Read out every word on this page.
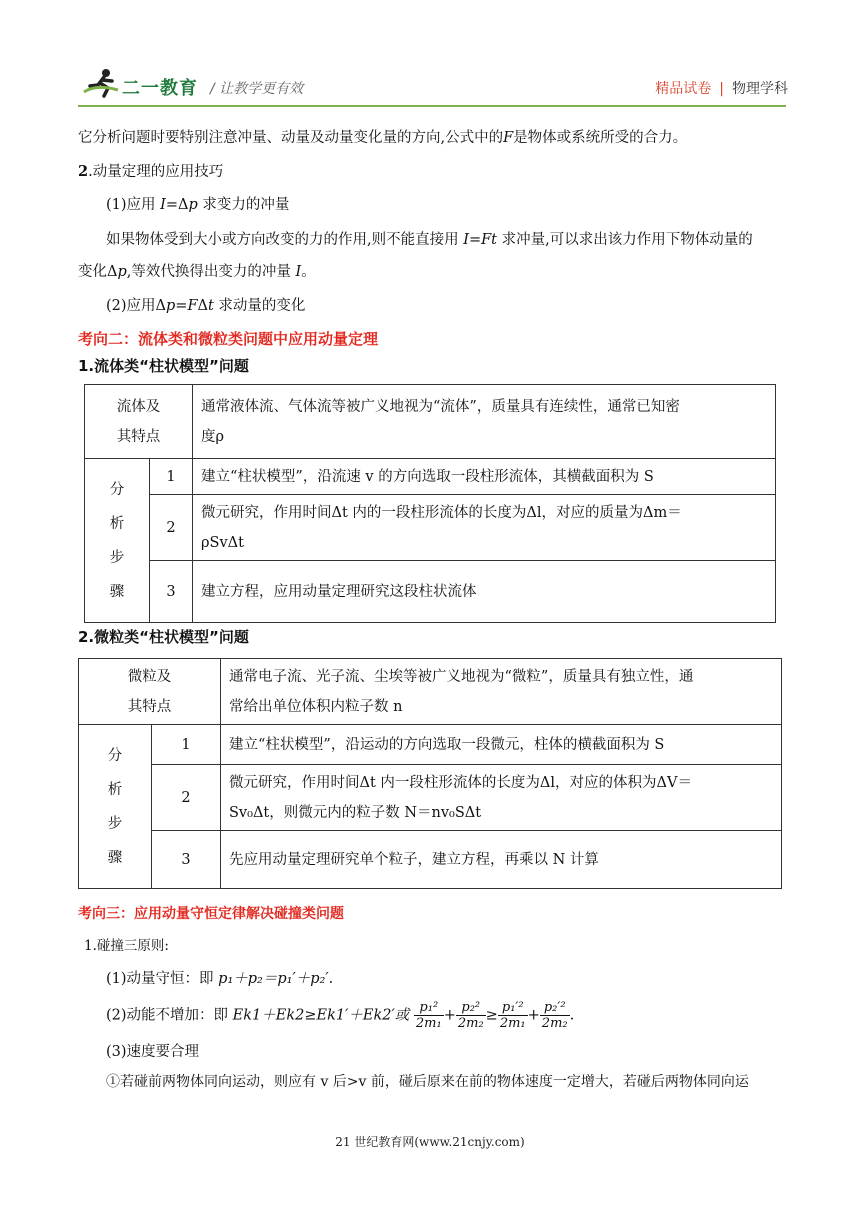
二一教育 / 让教学更有效	精品试卷 | 物理学科
它分析问题时要特别注意冲量、动量及动量变化量的方向,公式中的F是物体或系统所受的合力。
2.动量定理的应用技巧
(1)应用 I=Δp 求变力的冲量
如果物体受到大小或方向改变的力的作用,则不能直接用 I=Ft 求冲量,可以求出该力作用下物体动量的
变化Δp,等效代换得出变力的冲量 I。
(2)应用Δp=FΔt 求动量的变化
考向二：流体类和微粒类问题中应用动量定理
1.流体类“柱状模型”问题
流体及
其特点		通常液体流、气体流等被广义地视为“流体”，质量具有连续性，通常已知密
度ρ

分
析
步
骤	1	建立“柱状模型”，沿流速 v 的方向选取一段柱形流体，其横截面积为 S

	2	微元研究，作用时间Δt 内的一段柱形流体的长度为Δl，对应的质量为Δm＝
ρSvΔt

	3	建立方程，应用动量定理研究这段柱状流体
2.微粒类“柱状模型”问题
微粒及
其特点		通常电子流、光子流、尘埃等被广义地视为“微粒”，质量具有独立性，通
常给出单位体积内粒子数 n

分
析
步
骤	1	建立“柱状模型”，沿运动的方向选取一段微元，柱体的横截面积为 S

	2	微元研究，作用时间Δt 内一段柱形流体的长度为Δl，对应的体积为ΔV＝
Sv₀Δt，则微元内的粒子数 N＝nv₀SΔt

	3	先应用动量定理研究单个粒子，建立方程，再乘以 N 计算
考向三：应用动量守恒定律解决碰撞类问题
1.碰撞三原则:
(1)动量守恒：即 p₁＋p₂＝p₁′＋p₂′.
(2)动能不增加：即 Ek1＋Ek2≥Ek1′＋Ek2′或 $\frac{\text{p₁²}}{\text{2m₁}} + \frac{\text{p₂²}}{\text{2m₂}} \ge \frac{\text{p₁′²}}{\text{2m₁}} + \frac{\text{p₂′²}}{\text{2m₂}}$ .
(3)速度要合理
①若碰前两物体同向运动，则应有 v 后>v 前，碰后原来在前的物体速度一定增大，若碰后两物体同向运
21 世纪教育网(www.21cnjy.com)
